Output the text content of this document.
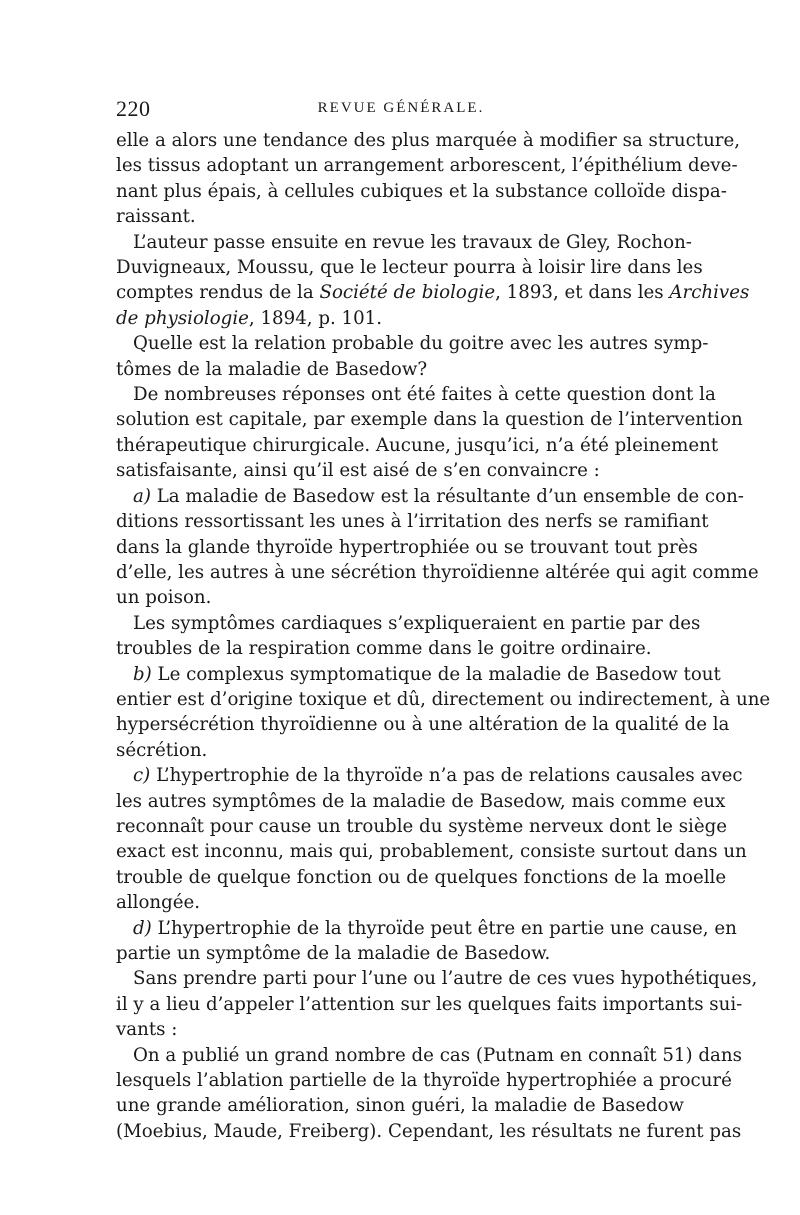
220	REVUE GÉNÉRALE.
elle a alors une tendance des plus marquée à modifier sa structure,
les tissus adoptant un arrangement arborescent, l’épithélium deve-
nant plus épais, à cellules cubiques et la substance colloïde dispa-
raissant.
L’auteur passe ensuite en revue les travaux de Gley, Rochon-
Duvigneaux, Moussu, que le lecteur pourra à loisir lire dans les
comptes rendus de la Société de biologie, 1893, et dans les Archives
de physiologie, 1894, p. 101.
Quelle est la relation probable du goitre avec les autres symp-
tômes de la maladie de Basedow?
De nombreuses réponses ont été faites à cette question dont la
solution est capitale, par exemple dans la question de l’intervention
thérapeutique chirurgicale. Aucune, jusqu’ici, n’a été pleinement
satisfaisante, ainsi qu’il est aisé de s’en convaincre :
a) La maladie de Basedow est la résultante d’un ensemble de con-
ditions ressortissant les unes à l’irritation des nerfs se ramifiant
dans la glande thyroïde hypertrophiée ou se trouvant tout près
d’elle, les autres à une sécrétion thyroïdienne altérée qui agit comme
un poison.
Les symptômes cardiaques s’expliqueraient en partie par des
troubles de la respiration comme dans le goitre ordinaire.
b) Le complexus symptomatique de la maladie de Basedow tout
entier est d’origine toxique et dû, directement ou indirectement, à une
hypersécrétion thyroïdienne ou à une altération de la qualité de la
sécrétion.
c) L’hypertrophie de la thyroïde n’a pas de relations causales avec
les autres symptômes de la maladie de Basedow, mais comme eux
reconnaît pour cause un trouble du système nerveux dont le siège
exact est inconnu, mais qui, probablement, consiste surtout dans un
trouble de quelque fonction ou de quelques fonctions de la moelle
allongée.
d) L’hypertrophie de la thyroïde peut être en partie une cause, en
partie un symptôme de la maladie de Basedow.
Sans prendre parti pour l’une ou l’autre de ces vues hypothétiques,
il y a lieu d’appeler l’attention sur les quelques faits importants sui-
vants :
On a publié un grand nombre de cas (Putnam en connaît 51) dans
lesquels l’ablation partielle de la thyroïde hypertrophiée a procuré
une grande amélioration, sinon guéri, la maladie de Basedow
(Moebius, Maude, Freiberg). Cependant, les résultats ne furent pas
